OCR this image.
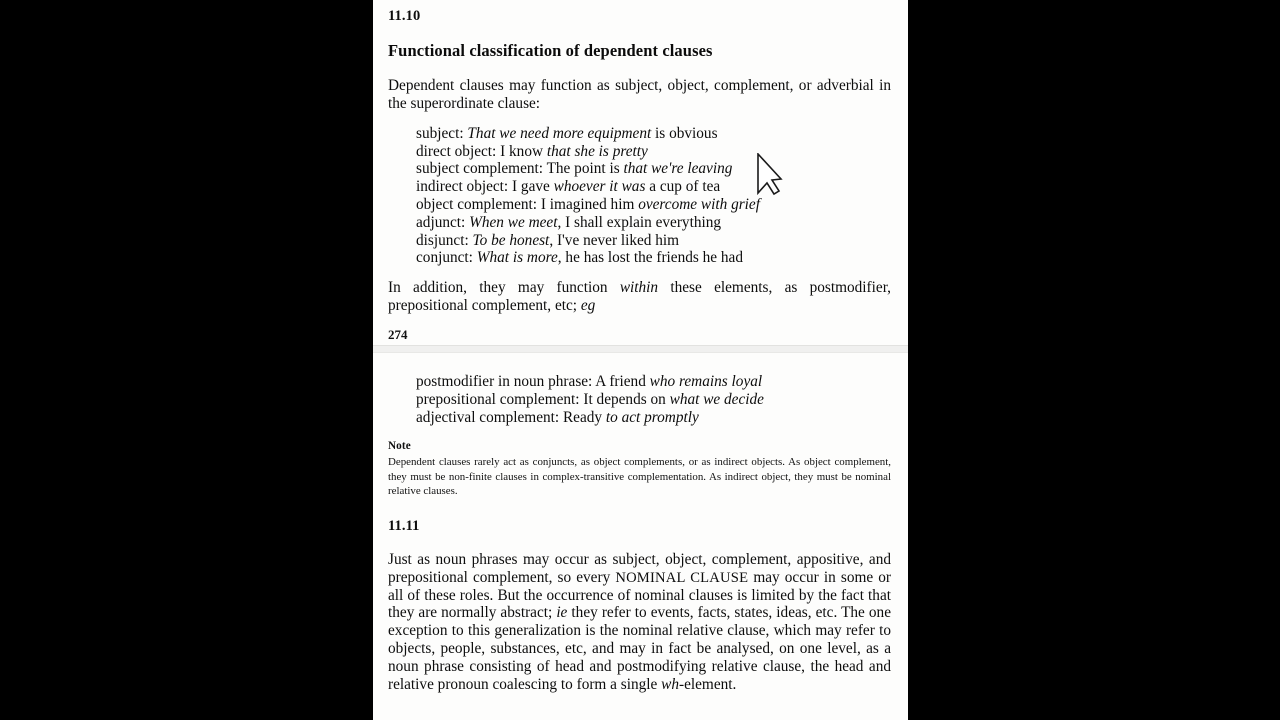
11.10
Functional classification of dependent clauses
Dependent clauses may function as subject, object, complement, or adverbial in the superordinate clause:
subject: That we need more equipment is obvious
direct object: I know that she is pretty
subject complement: The point is that we're leaving
indirect object: I gave whoever it was a cup of tea
object complement: I imagined him overcome with grief
adjunct: When we meet, I shall explain everything
disjunct: To be honest, I've never liked him
conjunct: What is more, he has lost the friends he had
In addition, they may function within these elements, as postmodifier, prepositional complement, etc; eg
274
postmodifier in noun phrase: A friend who remains loyal
prepositional complement: It depends on what we decide
adjectival complement: Ready to act promptly
Note
Dependent clauses rarely act as conjuncts, as object complements, or as indirect objects. As object complement, they must be non-finite clauses in complex-transitive complementation. As indirect object, they must be nominal relative clauses.
11.11
Just as noun phrases may occur as subject, object, complement, appositive, and prepositional complement, so every NOMINAL CLAUSE may occur in some or all of these roles. But the occurrence of nominal clauses is limited by the fact that they are normally abstract; ie they refer to events, facts, states, ideas, etc. The one exception to this generalization is the nominal relative clause, which may refer to objects, people, substances, etc, and may in fact be analysed, on one level, as a noun phrase consisting of head and postmodifying relative clause, the head and relative pronoun coalescing to form a single wh-element.
